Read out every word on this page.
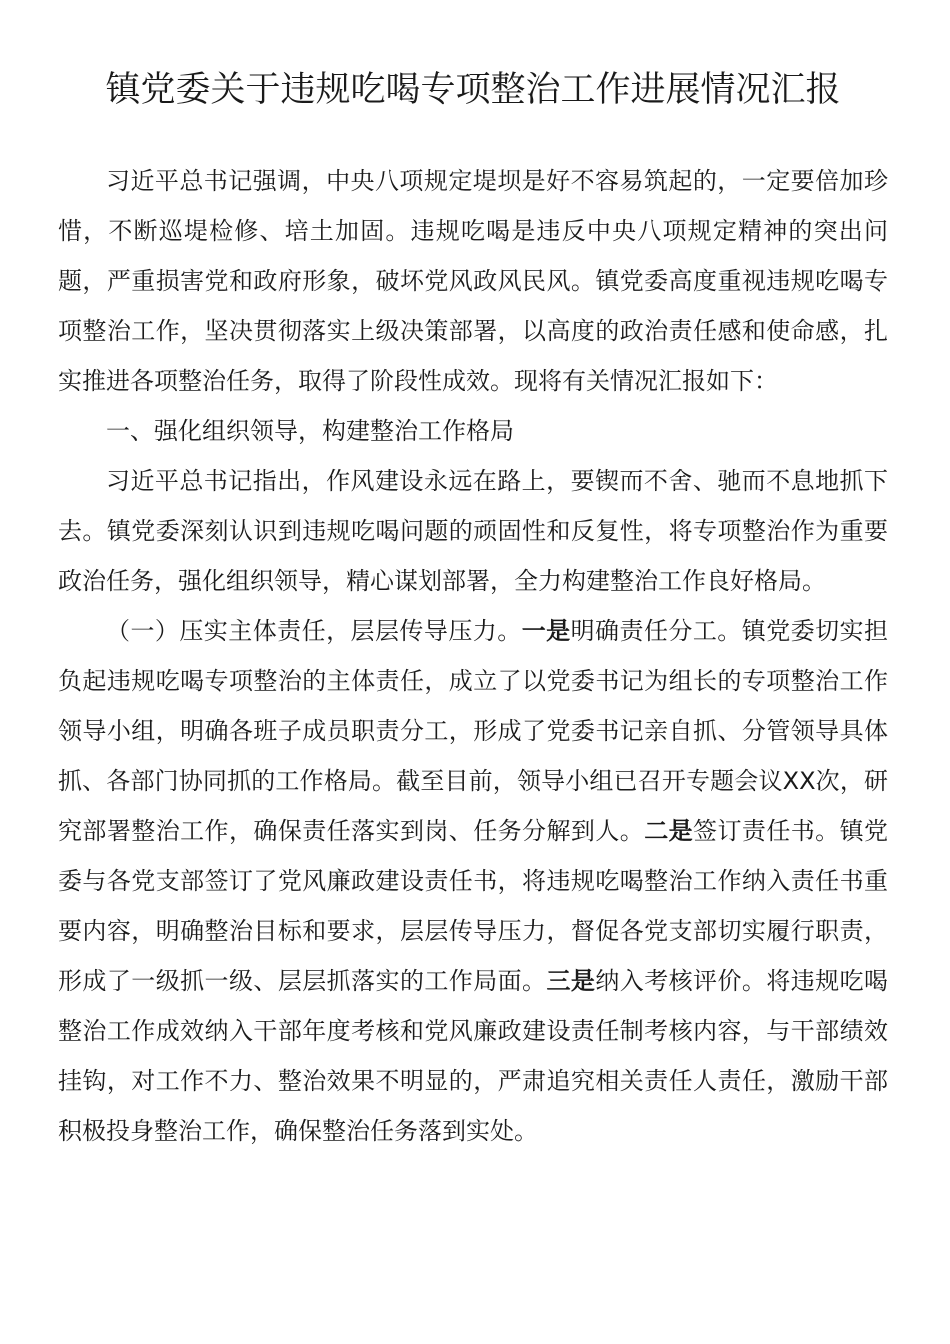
镇党委关于违规吃喝专项整治工作进展情况汇报

习近平总书记强调，中央八项规定堤坝是好不容易筑起的，一定要倍加珍惜，不断巡堤检修、培土加固。违规吃喝是违反中央八项规定精神的突出问题，严重损害党和政府形象，破坏党风政风民风。镇党委高度重视违规吃喝专项整治工作，坚决贯彻落实上级决策部署，以高度的政治责任感和使命感，扎实推进各项整治任务，取得了阶段性成效。现将有关情况汇报如下：

一、强化组织领导，构建整治工作格局

习近平总书记指出，作风建设永远在路上，要锲而不舍、驰而不息地抓下去。镇党委深刻认识到违规吃喝问题的顽固性和反复性，将专项整治作为重要政治任务，强化组织领导，精心谋划部署，全力构建整治工作良好格局。

（一）压实主体责任，层层传导压力。一是明确责任分工。镇党委切实担负起违规吃喝专项整治的主体责任，成立了以党委书记为组长的专项整治工作领导小组，明确各班子成员职责分工，形成了党委书记亲自抓、分管领导具体抓、各部门协同抓的工作格局。截至目前，领导小组已召开专题会议XX次，研究部署整治工作，确保责任落实到岗、任务分解到人。二是签订责任书。镇党委与各党支部签订了党风廉政建设责任书，将违规吃喝整治工作纳入责任书重要内容，明确整治目标和要求，层层传导压力，督促各党支部切实履行职责，形成了一级抓一级、层层抓落实的工作局面。三是纳入考核评价。将违规吃喝整治工作成效纳入干部年度考核和党风廉政建设责任制考核内容，与干部绩效挂钩，对工作不力、整治效果不明显的，严肃追究相关责任人责任，激励干部积极投身整治工作，确保整治任务落到实处。
